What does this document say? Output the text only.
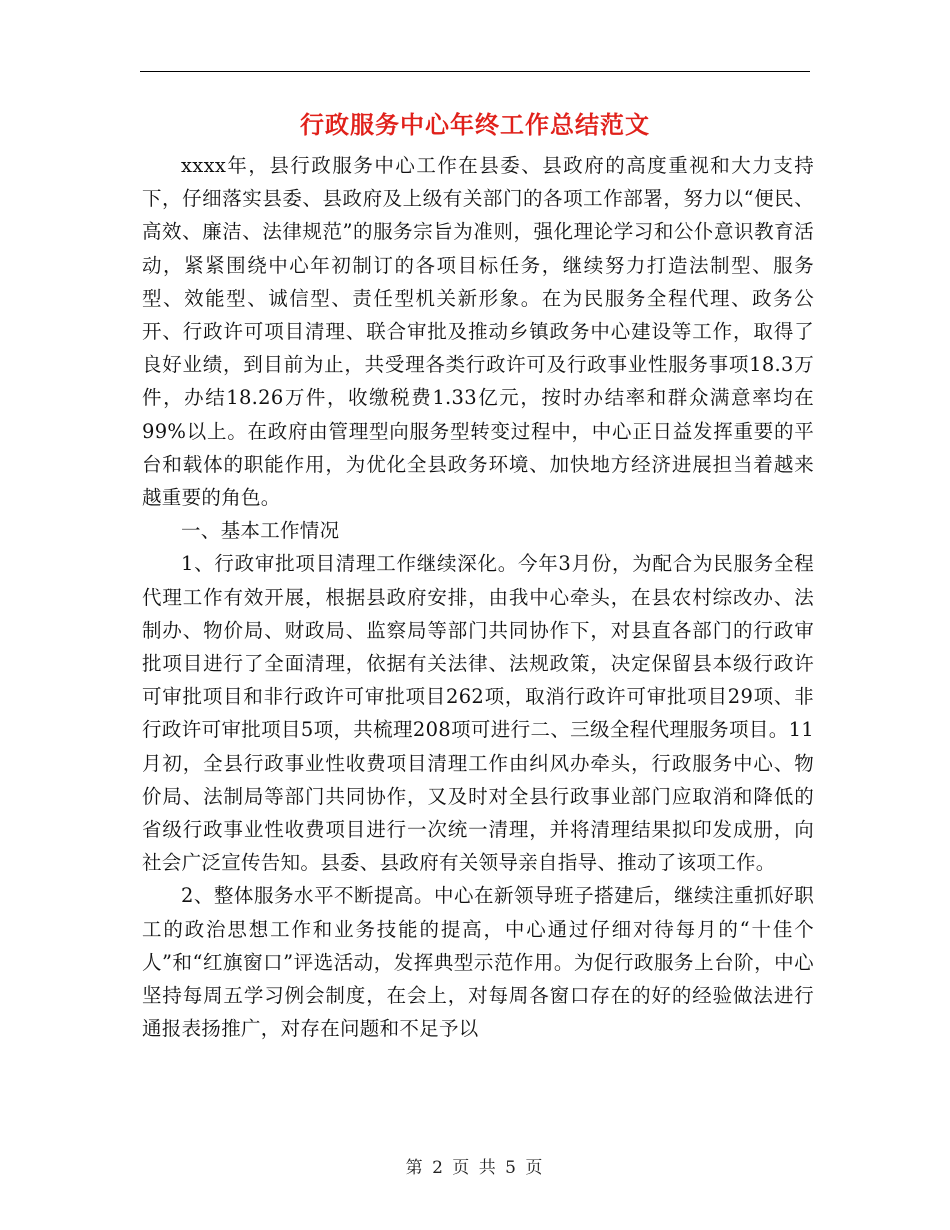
行政服务中心年终工作总结范文

xxxx年，县行政服务中心工作在县委、县政府的高度重视和大力支持下，仔细落实县委、县政府及上级有关部门的各项工作部署，努力以“便民、高效、廉洁、法律规范”的服务宗旨为准则，强化理论学习和公仆意识教育活动，紧紧围绕中心年初制订的各项目标任务，继续努力打造法制型、服务型、效能型、诚信型、责任型机关新形象。在为民服务全程代理、政务公开、行政许可项目清理、联合审批及推动乡镇政务中心建设等工作，取得了良好业绩，到目前为止，共受理各类行政许可及行政事业性服务事项18.3万件，办结18.26万件，收缴税费1.33亿元，按时办结率和群众满意率均在99%以上。在政府由管理型向服务型转变过程中，中心正日益发挥重要的平台和载体的职能作用，为优化全县政务环境、加快地方经济进展担当着越来越重要的角色。

一、基本工作情况

1、行政审批项目清理工作继续深化。今年3月份，为配合为民服务全程代理工作有效开展，根据县政府安排，由我中心牵头，在县农村综改办、法制办、物价局、财政局、监察局等部门共同协作下，对县直各部门的行政审批项目进行了全面清理，依据有关法律、法规政策，决定保留县本级行政许可审批项目和非行政许可审批项目262项，取消行政许可审批项目29项、非行政许可审批项目5项，共梳理208项可进行二、三级全程代理服务项目。11月初，全县行政事业性收费项目清理工作由纠风办牵头，行政服务中心、物价局、法制局等部门共同协作，又及时对全县行政事业部门应取消和降低的省级行政事业性收费项目进行一次统一清理，并将清理结果拟印发成册，向社会广泛宣传告知。县委、县政府有关领导亲自指导、推动了该项工作。

2、整体服务水平不断提高。中心在新领导班子搭建后，继续注重抓好职工的政治思想工作和业务技能的提高，中心通过仔细对待每月的“十佳个人”和“红旗窗口”评选活动，发挥典型示范作用。为促行政服务上台阶，中心坚持每周五学习例会制度，在会上，对每周各窗口存在的好的经验做法进行通报表扬推广，对存在问题和不足予以

第 2 页 共 5 页
